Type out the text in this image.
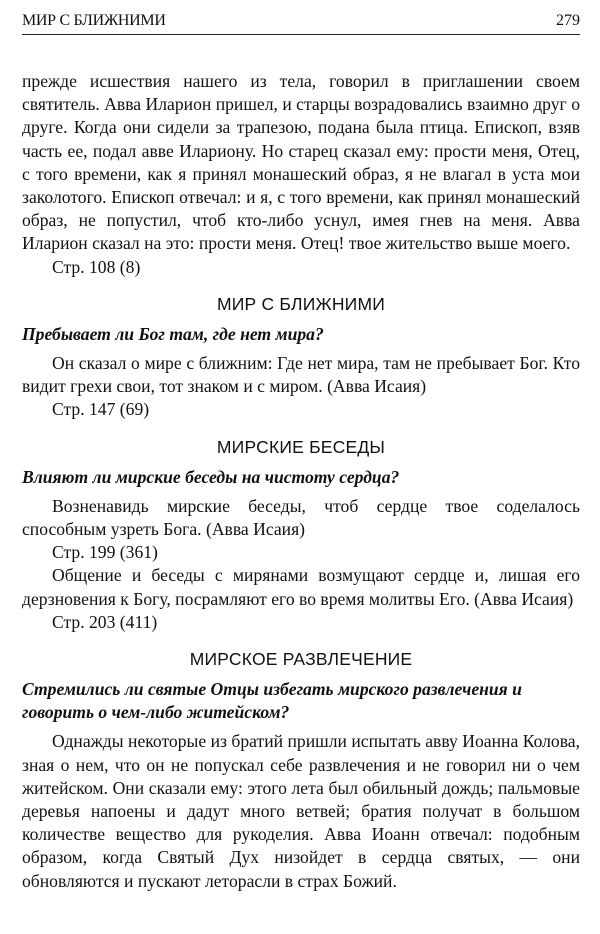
МИР С БЛИЖНИМИ	279

прежде исшествия нашего из тела, говорил в приглашении своем святитель. Авва Иларион пришел, и старцы возрадовались взаимно друг о друге. Когда они сидели за трапезою, подана была птица. Епископ, взяв часть ее, подал авве Илариону. Но старец сказал ему: прости меня, Отец, с того времени, как я принял монашеский образ, я не влагал в уста мои заколотого. Епископ отвечал: и я, с того времени, как принял монашеский образ, не попустил, чтоб кто-либо уснул, имея гнев на меня. Авва Иларион сказал на это: прости меня. Отец! твое жительство выше моего.

Стр. 108 (8)

МИР С БЛИЖНИМИ

Пребывает ли Бог там, где нет мира?

Он сказал о мире с ближним: Где нет мира, там не пребывает Бог. Кто видит грехи свои, тот знаком и с миром. (Авва Исаия)

Стр. 147 (69)

МИРСКИЕ БЕСЕДЫ

Влияют ли мирские беседы на чистоту сердца?

Возненавидь мирские беседы, чтоб сердце твое соделалось способным узреть Бога. (Авва Исаия)

Стр. 199 (361)

Общение и беседы с мирянами возмущают сердце и, лишая его дерзновения к Богу, посрамляют его во время молитвы Его. (Авва Исаия)

Стр. 203 (411)

МИРСКОЕ РАЗВЛЕЧЕНИЕ

Стремились ли святые Отцы избегать мирского развлечения и говорить о чем-либо житейском?

Однажды некоторые из братий пришли испытать авву Иоанна Колова, зная о нем, что он не попускал себе развлечения и не говорил ни о чем житейском. Они сказали ему: этого лета был обильный дождь; пальмовые деревья напоены и дадут много ветвей; братия получат в большом количестве вещество для рукоделия. Авва Иоанн отвечал: подобным образом, когда Святый Дух низойдет в сердца святых, — они обновляются и пускают леторасли в страх Божий.
